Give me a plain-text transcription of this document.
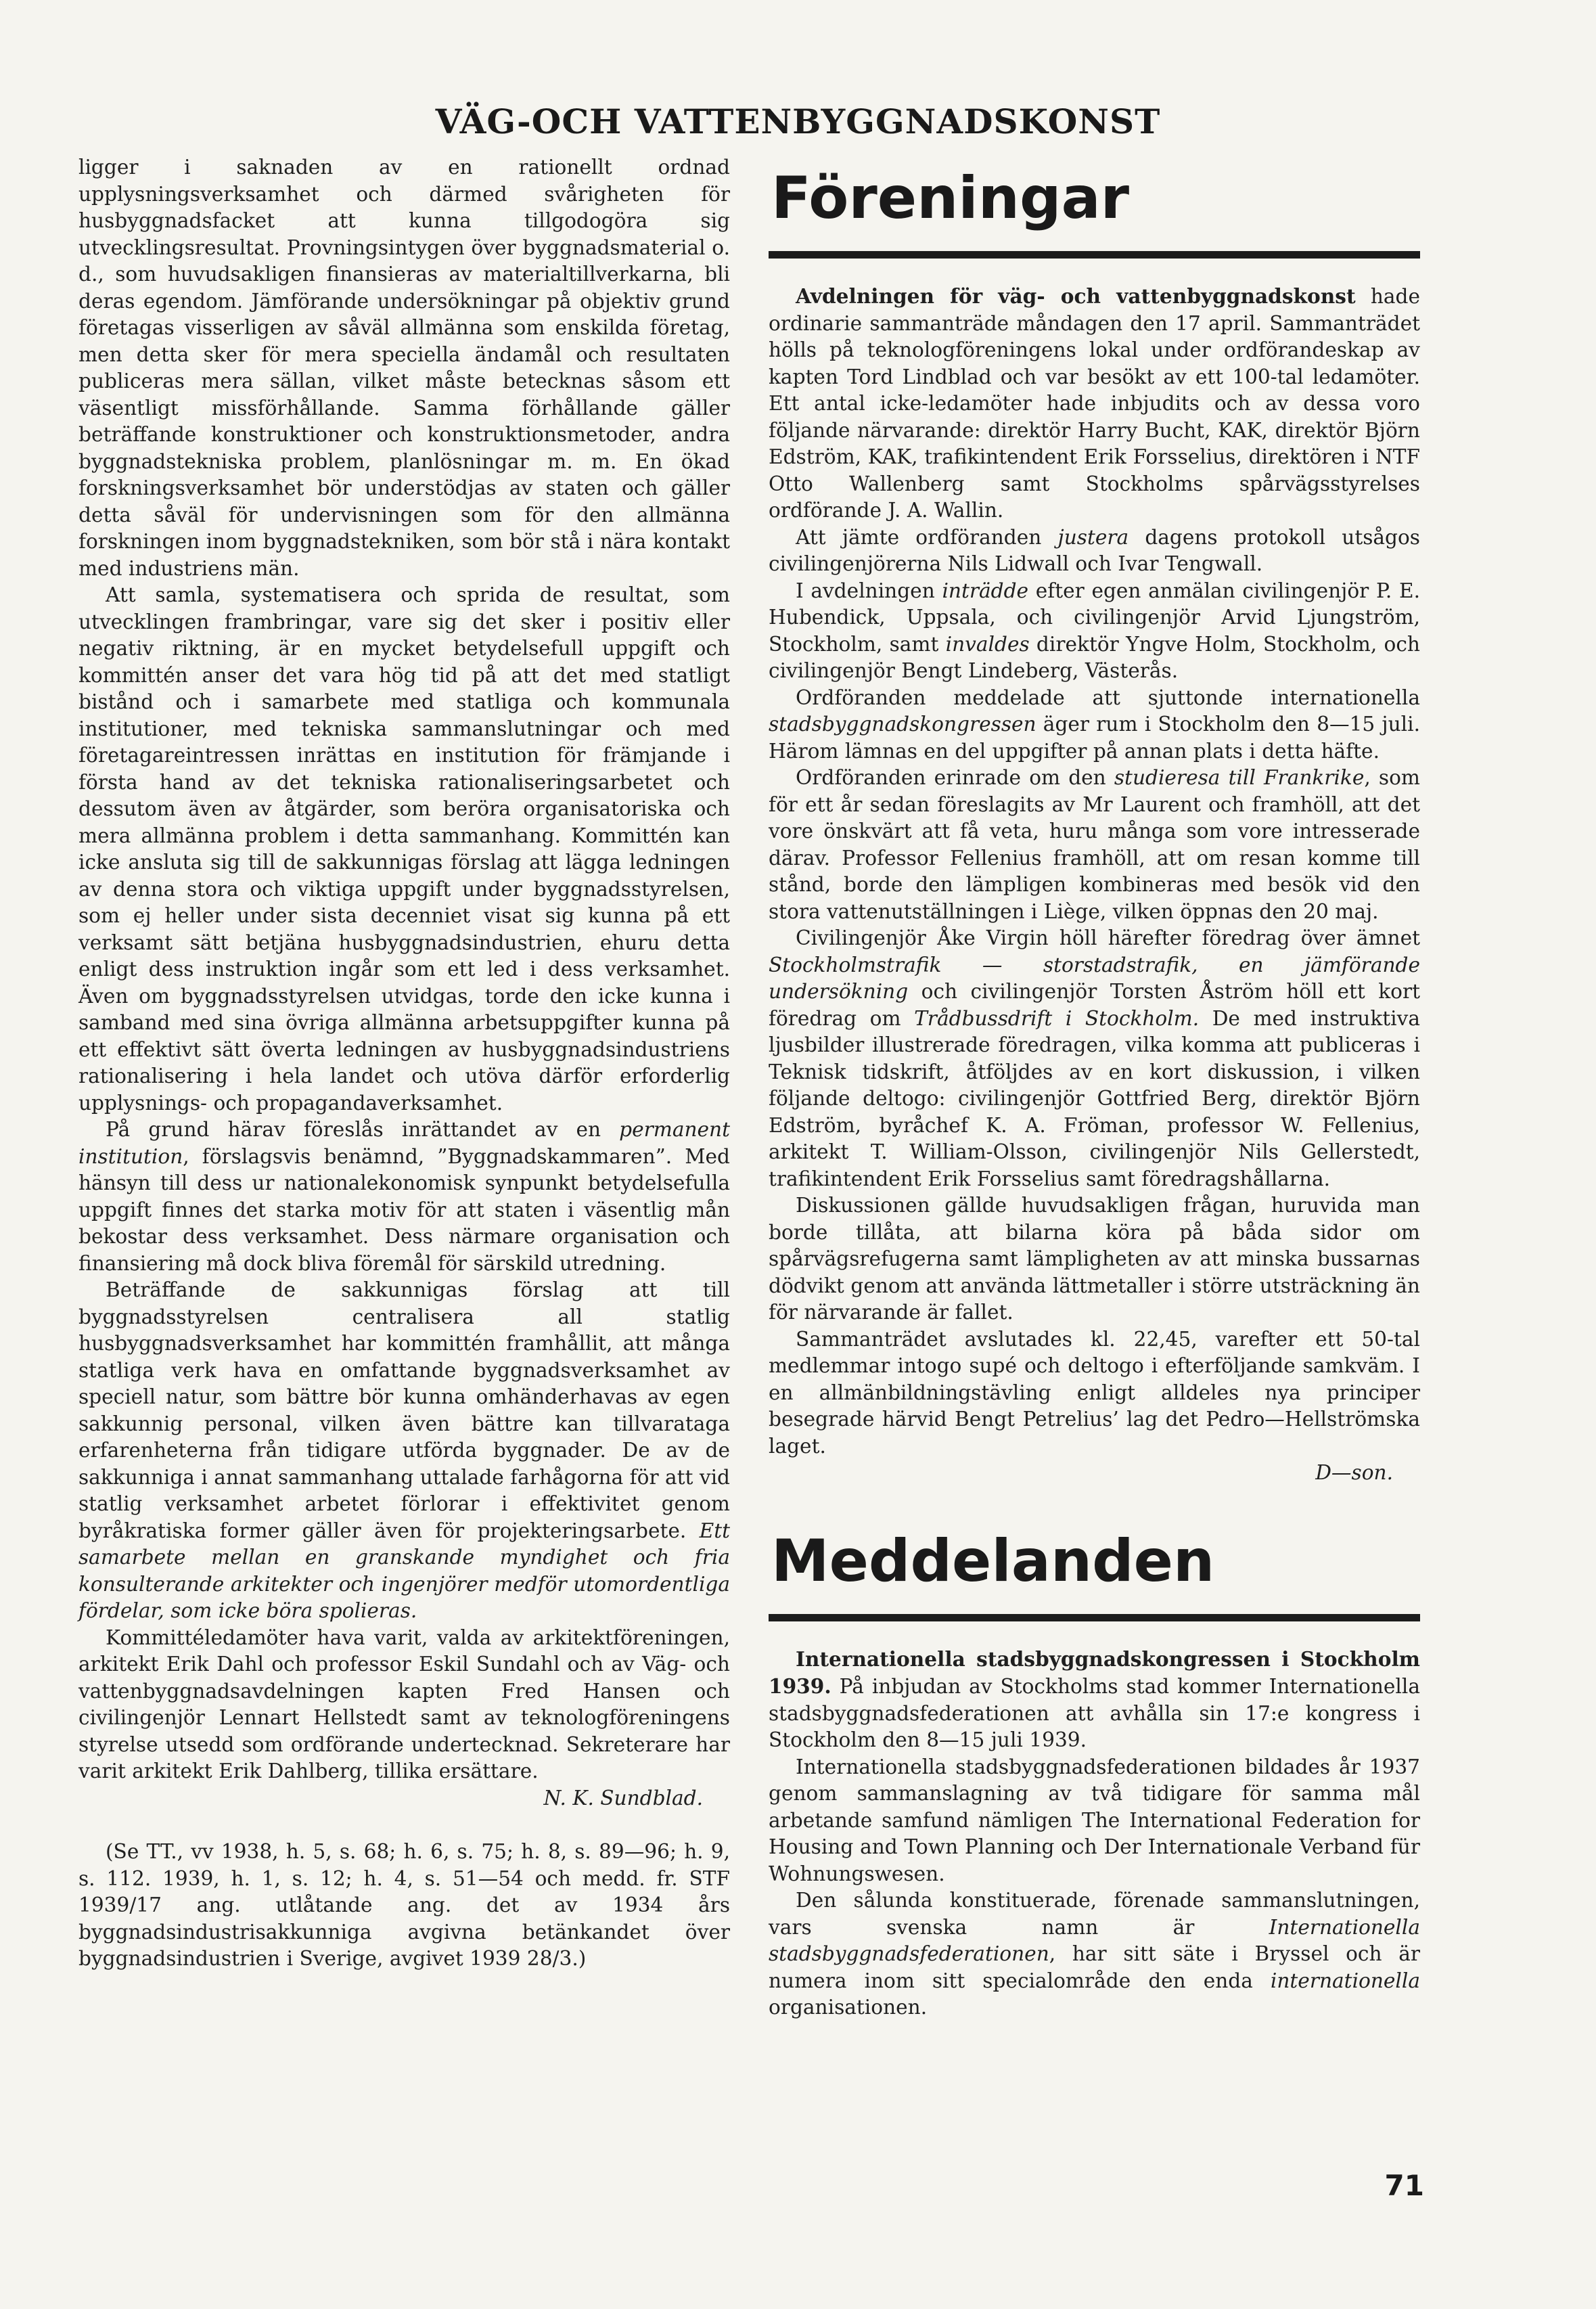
VÄG-OCH VATTENBYGGNADSKONST

ligger i saknaden av en rationellt ordnad upplysningsverksamhet och därmed svårigheten för husbyggnadsfacket att kunna tillgodogöra sig utvecklingsresultat. Provningsintygen över byggnadsmaterial o. d., som huvudsakligen finansieras av materialtillverkarna, bli deras egendom. Jämförande undersökningar på objektiv grund företagas visserligen av såväl allmänna som enskilda företag, men detta sker för mera speciella ändamål och resultaten publiceras mera sällan, vilket måste betecknas såsom ett väsentligt missförhållande. Samma förhållande gäller beträffande konstruktioner och konstruktionsmetoder, andra byggnadstekniska problem, planlösningar m. m. En ökad forskningsverksamhet bör understödjas av staten och gäller detta såväl för undervisningen som för den allmänna forskningen inom byggnadstekniken, som bör stå i nära kontakt med industriens män.

Att samla, systematisera och sprida de resultat, som utvecklingen frambringar, vare sig det sker i positiv eller negativ riktning, är en mycket betydelsefull uppgift och kommittén anser det vara hög tid på att det med statligt bistånd och i samarbete med statliga och kommunala institutioner, med tekniska sammanslutningar och med företagareintressen inrättas en institution för främjande i första hand av det tekniska rationaliseringsarbetet och dessutom även av åtgärder, som beröra organisatoriska och mera allmänna problem i detta sammanhang. Kommittén kan icke ansluta sig till de sakkunnigas förslag att lägga ledningen av denna stora och viktiga uppgift under byggnadsstyrelsen, som ej heller under sista decenniet visat sig kunna på ett verksamt sätt betjäna husbyggnadsindustrien, ehuru detta enligt dess instruktion ingår som ett led i dess verksamhet. Även om byggnadsstyrelsen utvidgas, torde den icke kunna i samband med sina övriga allmänna arbetsuppgifter kunna på ett effektivt sätt överta ledningen av husbyggnadsindustriens rationalisering i hela landet och utöva därför erforderlig upplysnings- och propagandaverksamhet.

På grund härav föreslås inrättandet av en permanent institution, förslagsvis benämnd, ”Byggnadskammaren”. Med hänsyn till dess ur nationalekonomisk synpunkt betydelsefulla uppgift finnes det starka motiv för att staten i väsentlig mån bekostar dess verksamhet. Dess närmare organisation och finansiering må dock bliva föremål för särskild utredning.

Beträffande de sakkunnigas förslag att till byggnadsstyrelsen centralisera all statlig husbyggnadsverksamhet har kommittén framhållit, att många statliga verk hava en omfattande byggnadsverksamhet av speciell natur, som bättre bör kunna omhänderhavas av egen sakkunnig personal, vilken även bättre kan tillvarataga erfarenheterna från tidigare utförda byggnader. De av de sakkunniga i annat sammanhang uttalade farhågorna för att vid statlig verksamhet arbetet förlorar i effektivitet genom byråkratiska former gäller även för projekteringsarbete. Ett samarbete mellan en granskande myndighet och fria konsulterande arkitekter och ingenjörer medför utomordentliga fördelar, som icke böra spolieras.

Kommittéledamöter hava varit, valda av arkitektföreningen, arkitekt Erik Dahl och professor Eskil Sundahl och av Väg- och vattenbyggnadsavdelningen kapten Fred Hansen och civilingenjör Lennart Hellstedt samt av teknologföreningens styrelse utsedd som ordförande undertecknad. Sekreterare har varit arkitekt Erik Dahlberg, tillika ersättare.
N. K. Sundblad.

(Se TT., vv 1938, h. 5, s. 68; h. 6, s. 75; h. 8, s. 89—96; h. 9, s. 112. 1939, h. 1, s. 12; h. 4, s. 51—54 och medd. fr. STF 1939/17 ang. utlåtande ang. det av 1934 års byggnadsindustrisakkunniga avgivna betänkandet över byggnadsindustrien i Sverige, avgivet 1939 28/3.)

Föreningar

Avdelningen för väg- och vattenbyggnadskonst hade ordinarie sammanträde måndagen den 17 april. Sammanträdet hölls på teknologföreningens lokal under ordförandeskap av kapten Tord Lindblad och var besökt av ett 100-tal ledamöter. Ett antal icke-ledamöter hade inbjudits och av dessa voro följande närvarande: direktör Harry Bucht, KAK, direktör Björn Edström, KAK, trafikintendent Erik Forsselius, direktören i NTF Otto Wallenberg samt Stockholms spårvägsstyrelses ordförande J. A. Wallin.

Att jämte ordföranden justera dagens protokoll utsågos civilingenjörerna Nils Lidwall och Ivar Tengwall.

I avdelningen inträdde efter egen anmälan civilingenjör P. E. Hubendick, Uppsala, och civilingenjör Arvid Ljungström, Stockholm, samt invaldes direktör Yngve Holm, Stockholm, och civilingenjör Bengt Lindeberg, Västerås.

Ordföranden meddelade att sjuttonde internationella stadsbyggnadskongressen äger rum i Stockholm den 8—15 juli. Härom lämnas en del uppgifter på annan plats i detta häfte.

Ordföranden erinrade om den studieresa till Frankrike, som för ett år sedan föreslagits av Mr Laurent och framhöll, att det vore önskvärt att få veta, huru många som vore intresserade därav. Professor Fellenius framhöll, att om resan komme till stånd, borde den lämpligen kombineras med besök vid den stora vattenutställningen i Liège, vilken öppnas den 20 maj.

Civilingenjör Åke Virgin höll härefter föredrag över ämnet Stockholmstrafik — storstadstrafik, en jämförande undersökning och civilingenjör Torsten Åström höll ett kort föredrag om Trådbussdrift i Stockholm. De med instruktiva ljusbilder illustrerade föredragen, vilka komma att publiceras i Teknisk tidskrift, åtföljdes av en kort diskussion, i vilken följande deltogo: civilingenjör Gottfried Berg, direktör Björn Edström, byråchef K. A. Fröman, professor W. Fellenius, arkitekt T. William-Olsson, civilingenjör Nils Gellerstedt, trafikintendent Erik Forsselius samt föredragshållarna.

Diskussionen gällde huvudsakligen frågan, huruvida man borde tillåta, att bilarna köra på båda sidor om spårvägsrefugerna samt lämpligheten av att minska bussarnas dödvikt genom att använda lättmetaller i större utsträckning än för närvarande är fallet.

Sammanträdet avslutades kl. 22,45, varefter ett 50-tal medlemmar intogo supé och deltogo i efterföljande samkväm. I en allmänbildningstävling enligt alldeles nya principer besegrade härvid Bengt Petrelius’ lag det Pedro—Hellströmska laget.

D—son.

Meddelanden

Internationella stadsbyggnadskongressen i Stockholm 1939. På inbjudan av Stockholms stad kommer Internationella stadsbyggnadsfederationen att avhålla sin 17:e kongress i Stockholm den 8—15 juli 1939.

Internationella stadsbyggnadsfederationen bildades år 1937 genom sammanslagning av två tidigare för samma mål arbetande samfund nämligen The International Federation for Housing and Town Planning och Der Internationale Verband für Wohnungswesen.

Den sålunda konstituerade, förenade sammanslutningen, vars svenska namn är Internationella stadsbyggnadsfederationen, har sitt säte i Bryssel och är numera inom sitt specialområde den enda internationella organisationen.

71
